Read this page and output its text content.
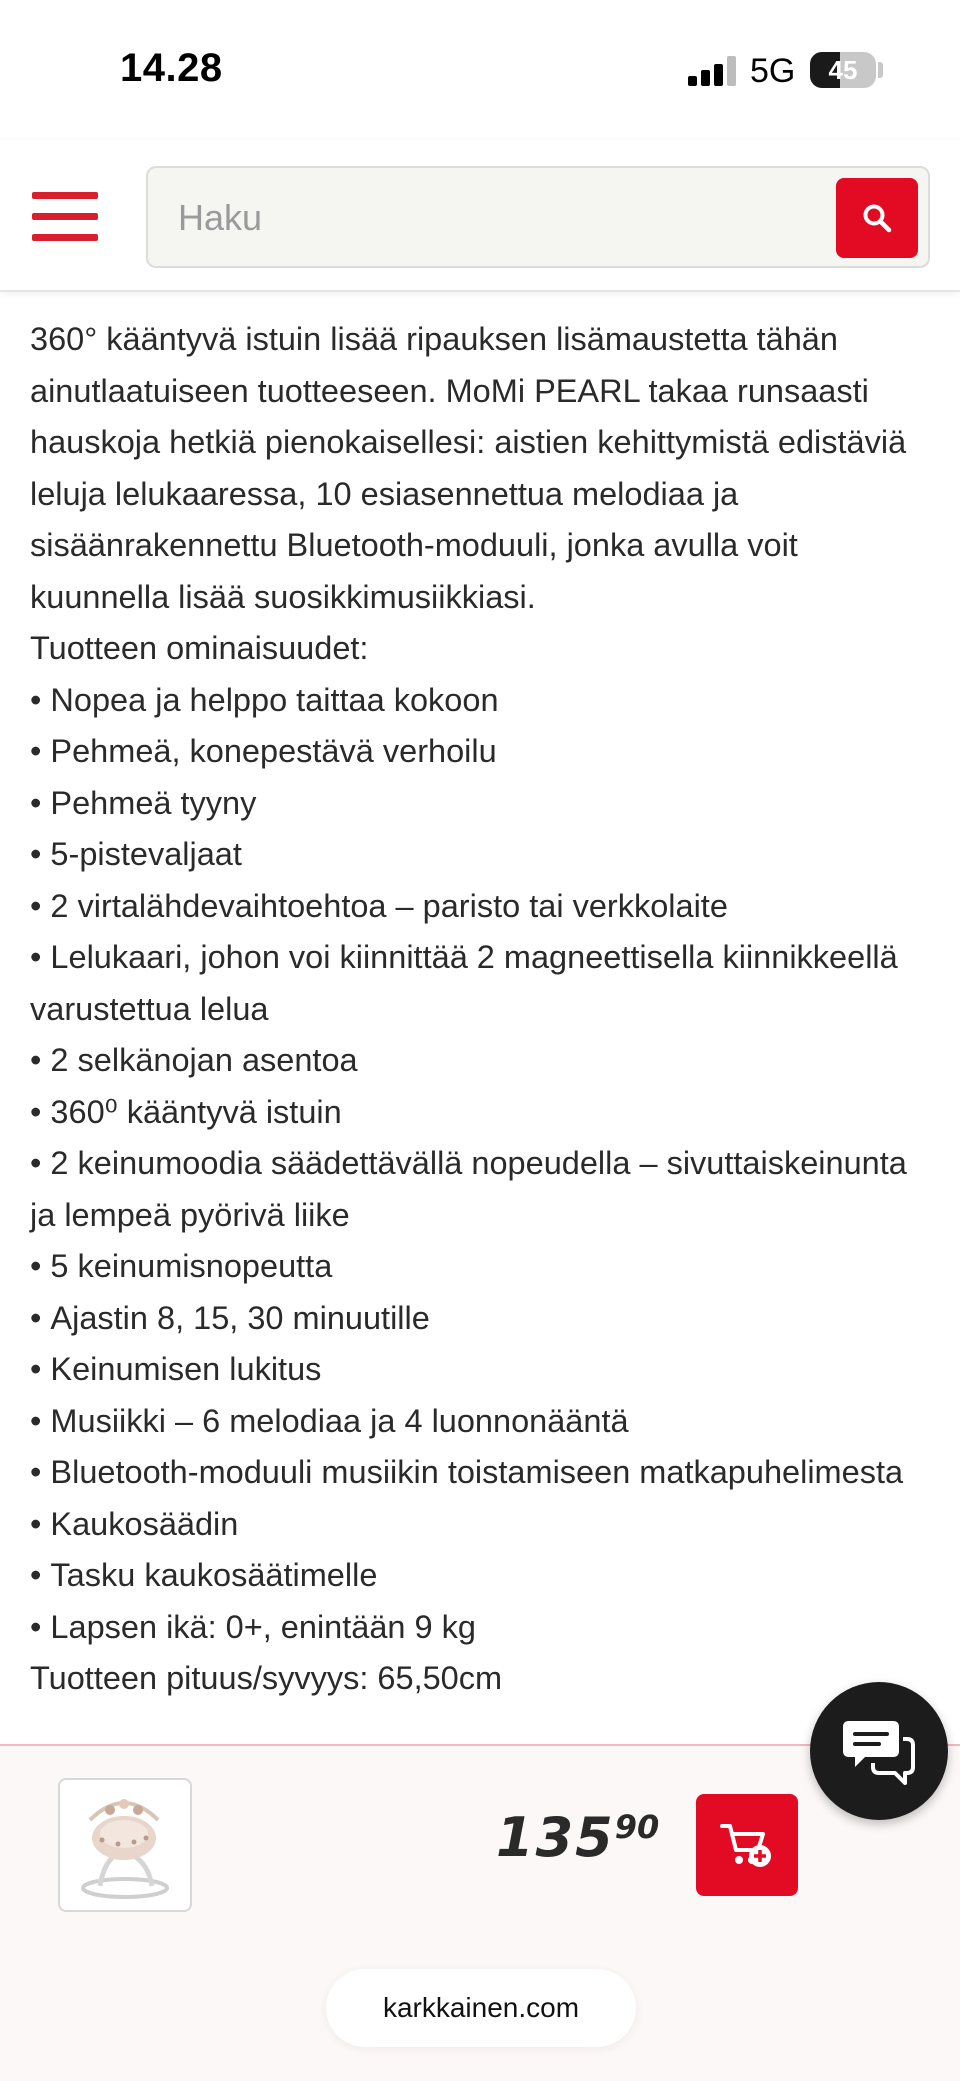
14.28	5G	45
Haku

360° kääntyvä istuin lisää ripauksen lisämaustetta tähän ainutlaatuiseen tuotteeseen. MoMi PEARL takaa runsaasti hauskoja hetkiä pienokaisellesi: aistien kehittymistä edistäviä leluja lelukaaressa, 10 esiasennettua melodiaa ja sisäänrakennettu Bluetooth-moduuli, jonka avulla voit kuunnella lisää suosikkimusiikkiasi.

Tuotteen ominaisuudet:

• Nopea ja helppo taittaa kokoon

• Pehmeä, konepestävä verhoilu

• Pehmeä tyyny

• 5-pistevaljaat

• 2 virtalähdevaihtoehtoa – paristo tai verkkolaite

• Lelukaari, johon voi kiinnittää 2 magneettisella kiinnikkeellä varustettua lelua

• 2 selkänojan asentoa

• 360⁰ kääntyvä istuin

• 2 keinumoodia säädettävällä nopeudella – sivuttaiskeinunta ja lempeä pyörivä liike

• 5 keinumisnopeutta

• Ajastin 8, 15, 30 minuutille

• Keinumisen lukitus

• Musiikki – 6 melodiaa ja 4 luonnonääntä

• Bluetooth-moduuli musiikin toistamiseen matkapuhelimesta

• Kaukosäädin

• Tasku kaukosäätimelle

• Lapsen ikä: 0+, enintään 9 kg

Tuotteen pituus/syvyys: 65,50cm

13590
karkkainen.com
